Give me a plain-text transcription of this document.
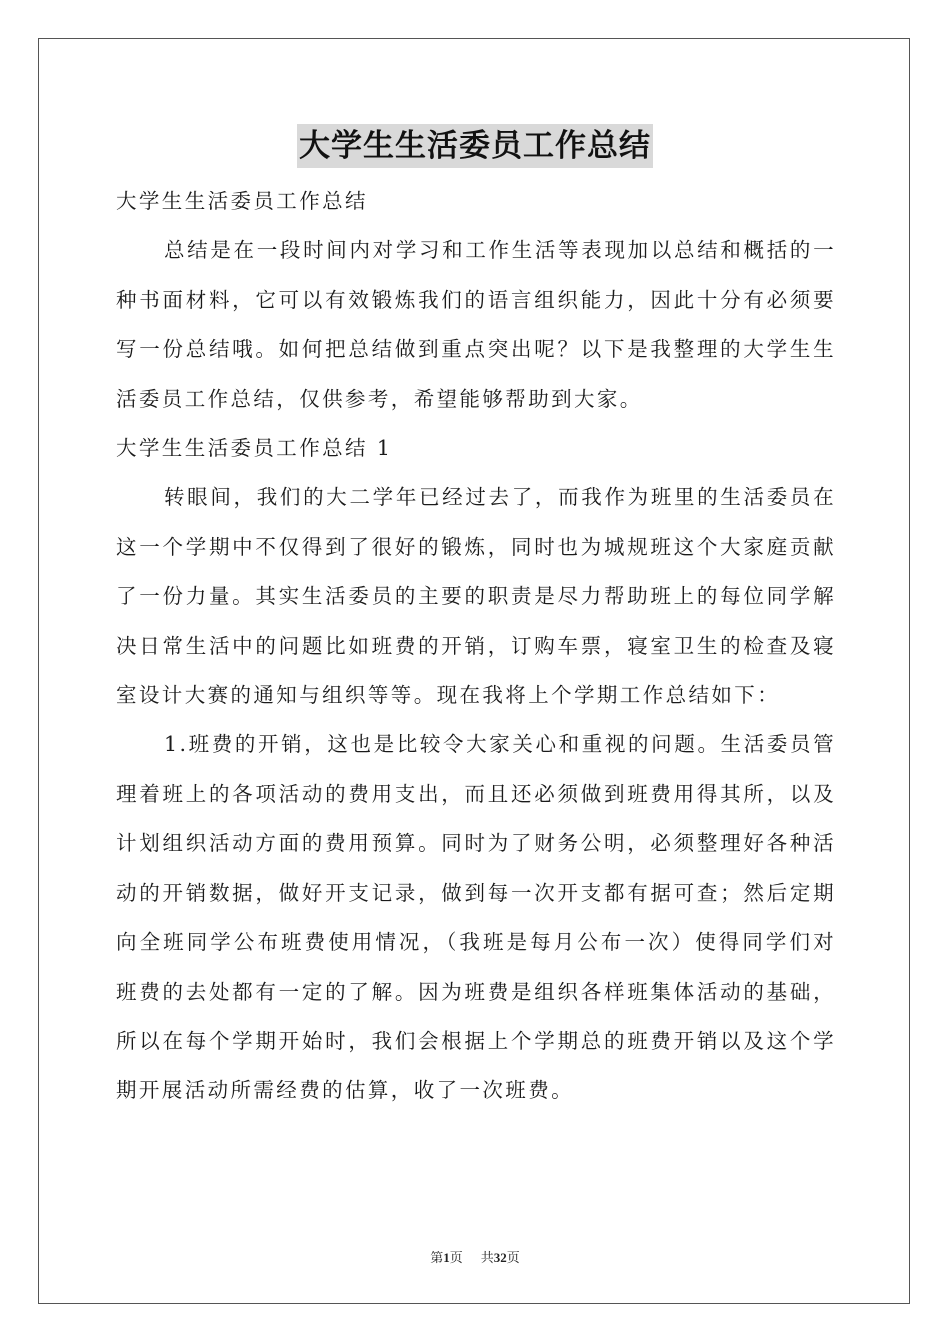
大学生生活委员工作总结

大学生生活委员工作总结

总结是在一段时间内对学习和工作生活等表现加以总结和概括的一种书面材料，它可以有效锻炼我们的语言组织能力，因此十分有必须要写一份总结哦。如何把总结做到重点突出呢？以下是我整理的大学生生活委员工作总结，仅供参考，希望能够帮助到大家。

大学生生活委员工作总结 1

转眼间，我们的大二学年已经过去了，而我作为班里的生活委员在这一个学期中不仅得到了很好的锻炼，同时也为城规班这个大家庭贡献了一份力量。其实生活委员的主要的职责是尽力帮助班上的每位同学解决日常生活中的问题比如班费的开销，订购车票，寝室卫生的检查及寝室设计大赛的通知与组织等等。现在我将上个学期工作总结如下：

1.班费的开销，这也是比较令大家关心和重视的问题。生活委员管理着班上的各项活动的费用支出，而且还必须做到班费用得其所，以及计划组织活动方面的费用预算。同时为了财务公明，必须整理好各种活动的开销数据，做好开支记录，做到每一次开支都有据可查；然后定期向全班同学公布班费使用情况，（我班是每月公布一次）使得同学们对班费的去处都有一定的了解。因为班费是组织各样班集体活动的基础，所以在每个学期开始时，我们会根据上个学期总的班费开销以及这个学期开展活动所需经费的估算，收了一次班费。

第1页 共32页
